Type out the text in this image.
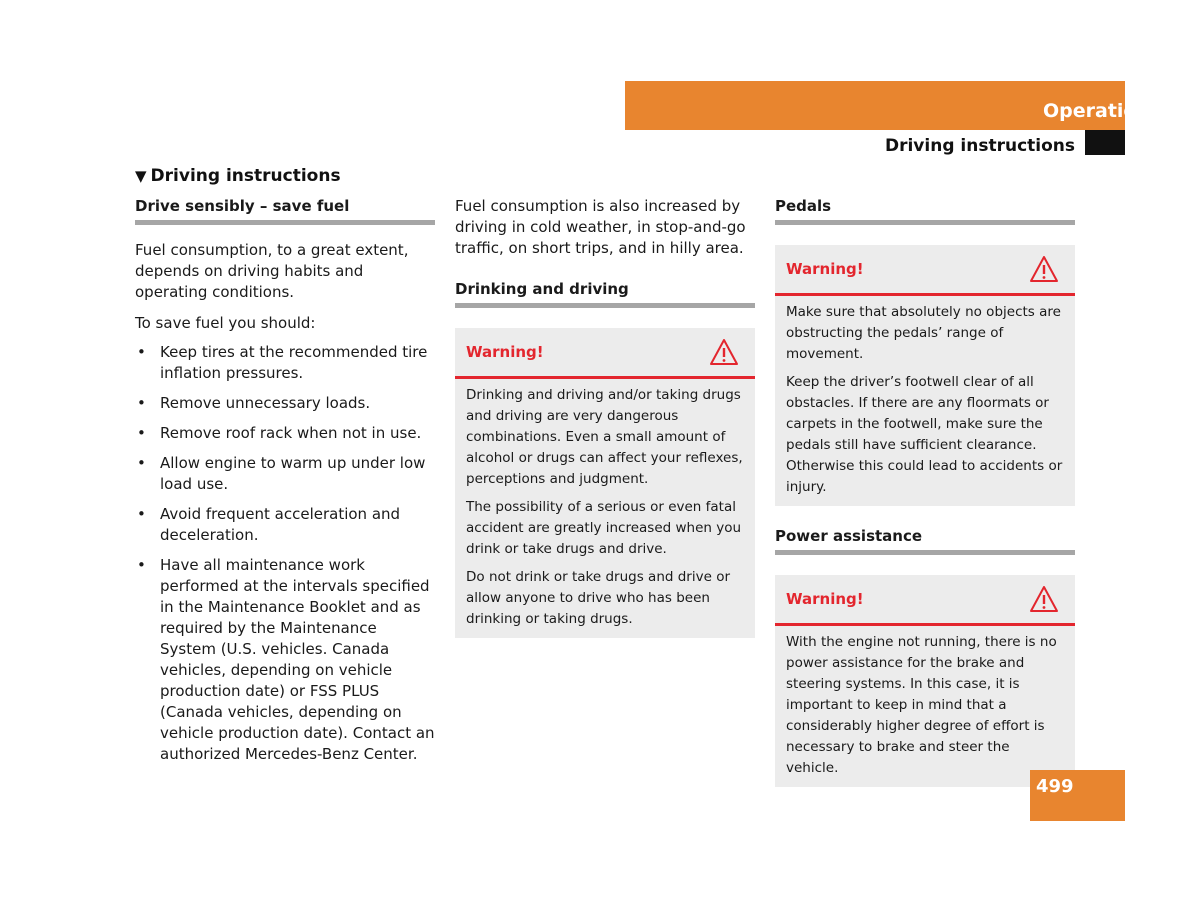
Operation
Driving instructions
▼ Driving instructions
Drive sensibly – save fuel

Fuel consumption, to a great extent, depends on driving habits and operating conditions.

To save fuel you should:

• Keep tires at the recommended tire inflation pressures.
• Remove unnecessary loads.
• Remove roof rack when not in use.
• Allow engine to warm up under low load use.
• Avoid frequent acceleration and deceleration.
• Have all maintenance work performed at the intervals specified in the Maintenance Booklet and as required by the Maintenance System (U.S. vehicles. Canada vehicles, depending on vehicle production date) or FSS PLUS (Canada vehicles, depending on vehicle production date). Contact an authorized Mercedes-Benz Center.

Fuel consumption is also increased by driving in cold weather, in stop-and-go traffic, on short trips, and in hilly area.

Drinking and driving
Warning!

Drinking and driving and/or taking drugs and driving are very dangerous combinations. Even a small amount of alcohol or drugs can affect your reflexes, perceptions and judgment.

The possibility of a serious or even fatal accident are greatly increased when you drink or take drugs and drive.

Do not drink or take drugs and drive or allow anyone to drive who has been drinking or taking drugs.

Pedals
Warning!

Make sure that absolutely no objects are obstructing the pedals’ range of movement.

Keep the driver’s footwell clear of all obstacles. If there are any floormats or carpets in the footwell, make sure the pedals still have sufficient clearance. Otherwise this could lead to accidents or injury.

Power assistance
Warning!

With the engine not running, there is no power assistance for the brake and steering systems. In this case, it is important to keep in mind that a considerably higher degree of effort is necessary to brake and steer the vehicle.

499
